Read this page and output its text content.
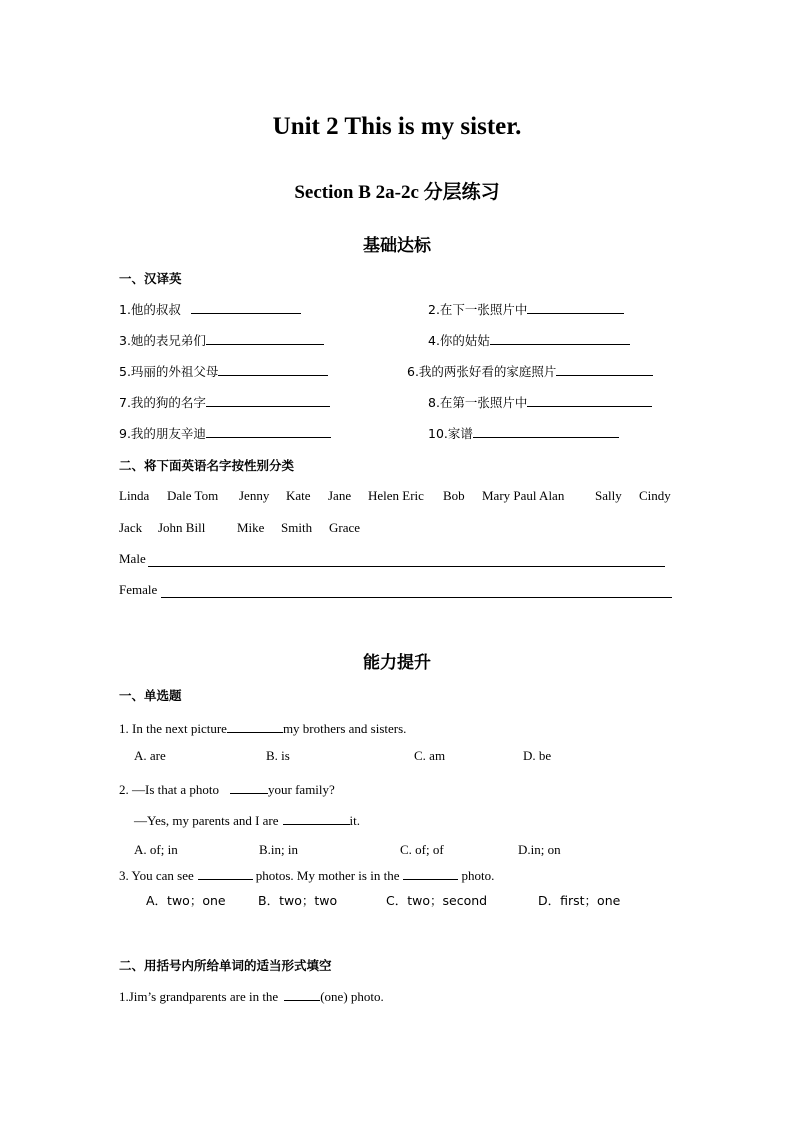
Unit 2 This is my sister.
Section B 2a-2c 分层练习
基础达标
一、汉译英
1.他的叔叔	2.在下一张照片中
3.她的表兄弟们	4.你的姑姑
5.玛丽的外祖父母	6.我的两张好看的家庭照片
7.我的狗的名字	8.在第一张照片中
9.我的朋友辛迪	10.家谱
二、将下面英语名字按性别分类
Linda Dale Tom Jenny Kate Jane Helen Eric Bob Mary Paul Alan Sally Cindy
Jack John Bill Mike Smith Grace
Male
Female
能力提升
一、单选题
1. In the next picture	my brothers and sisters.
A. are	B. is	C. am	D. be
2. —Is that a photo	your family?
—Yes, my parents and I are	it.
A. of; in	B.in; in	C. of; of	D.in; on
3. You can see	photos. My mother is in the	photo.
A．two；one	B．two；two	C．two；second	D．first；one
二、用括号内所给单词的适当形式填空
1.Jim’s grandparents are in the	(one) photo.
